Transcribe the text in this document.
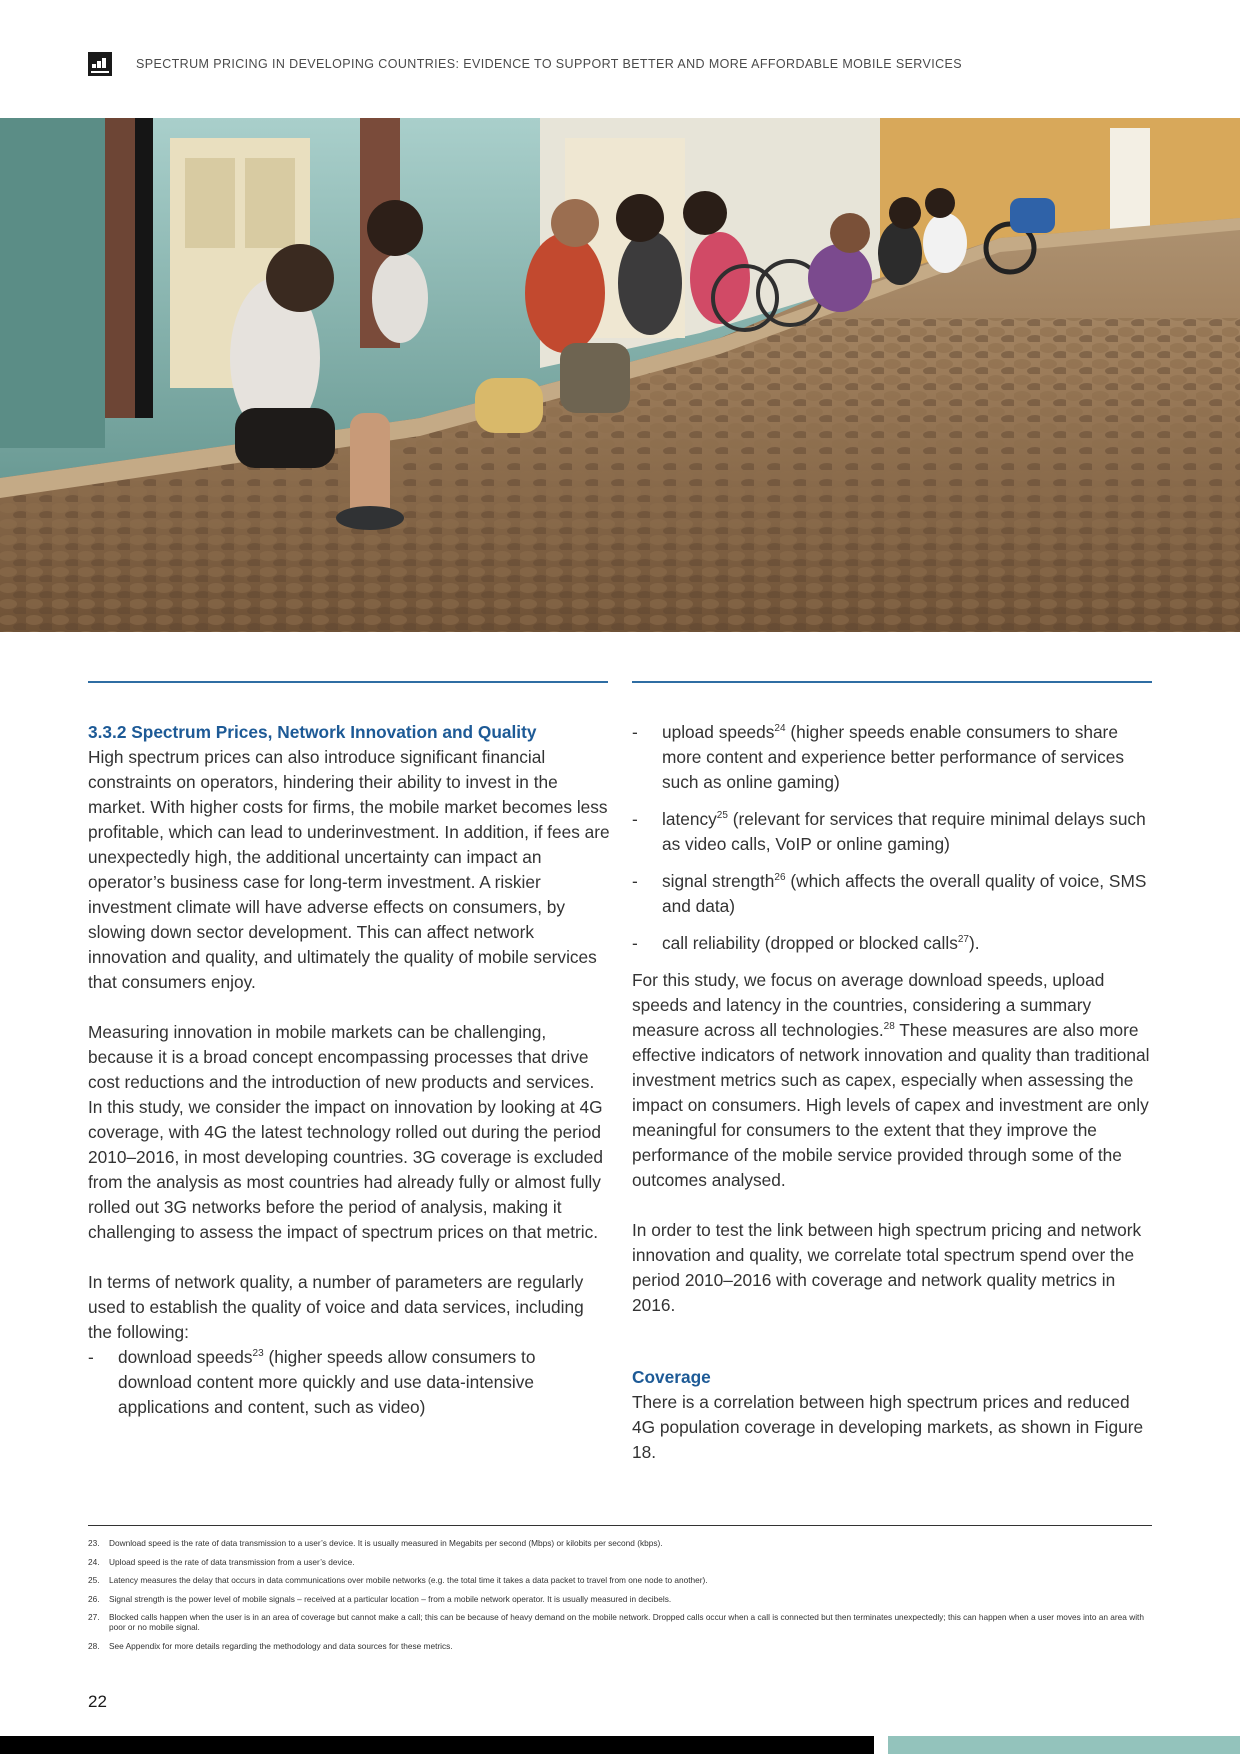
SPECTRUM PRICING IN DEVELOPING COUNTRIES: EVIDENCE TO SUPPORT BETTER AND MORE AFFORDABLE MOBILE SERVICES
3.3.2 Spectrum Prices, Network Innovation and Quality

High spectrum prices can also introduce significant financial constraints on operators, hindering their ability to invest in the market. With higher costs for firms, the mobile market becomes less profitable, which can lead to underinvestment. In addition, if fees are unexpectedly high, the additional uncertainty can impact an operator’s business case for long-term investment. A riskier investment climate will have adverse effects on consumers, by slowing down sector development. This can affect network innovation and quality, and ultimately the quality of mobile services that consumers enjoy.

Measuring innovation in mobile markets can be challenging, because it is a broad concept encompassing processes that drive cost reductions and the introduction of new products and services. In this study, we consider the impact on innovation by looking at 4G coverage, with 4G the latest technology rolled out during the period 2010–2016, in most developing countries. 3G coverage is excluded from the analysis as most countries had already fully or almost fully rolled out 3G networks before the period of analysis, making it challenging to assess the impact of spectrum prices on that metric.

In terms of network quality, a number of parameters are regularly used to establish the quality of voice and data services, including the following:

- download speeds$^{23}$ (higher speeds allow consumers to download content more quickly and use data-intensive applications and content, such as video)
- upload speeds$^{24}$ (higher speeds enable consumers to share more content and experience better performance of services such as online gaming)
- latency$^{25}$ (relevant for services that require minimal delays such as video calls, VoIP or online gaming)
- signal strength$^{26}$ (which affects the overall quality of voice, SMS and data)
- call reliability (dropped or blocked calls$^{27}$).

For this study, we focus on average download speeds, upload speeds and latency in the countries, considering a summary measure across all technologies.$^{28}$ These measures are also more effective indicators of network innovation and quality than traditional investment metrics such as capex, especially when assessing the impact on consumers. High levels of capex and investment are only meaningful for consumers to the extent that they improve the performance of the mobile service provided through some of the outcomes analysed.

In order to test the link between high spectrum pricing and network innovation and quality, we correlate total spectrum spend over the period 2010–2016 with coverage and network quality metrics in 2016.

Coverage

There is a correlation between high spectrum prices and reduced 4G population coverage in developing markets, as shown in Figure 18.

23.	Download speed is the rate of data transmission to a user’s device. It is usually measured in Megabits per second (Mbps) or kilobits per second (kbps).
24.	Upload speed is the rate of data transmission from a user’s device.
25.	Latency measures the delay that occurs in data communications over mobile networks (e.g. the total time it takes a data packet to travel from one node to another).
26.	Signal strength is the power level of mobile signals – received at a particular location – from a mobile network operator. It is usually measured in decibels.
27.	Blocked calls happen when the user is in an area of coverage but cannot make a call; this can be because of heavy demand on the mobile network. Dropped calls occur when a call is connected but then terminates unexpectedly; this can happen when a user moves into an area with poor or no mobile signal.
28.	See Appendix for more details regarding the methodology and data sources for these metrics.
22
